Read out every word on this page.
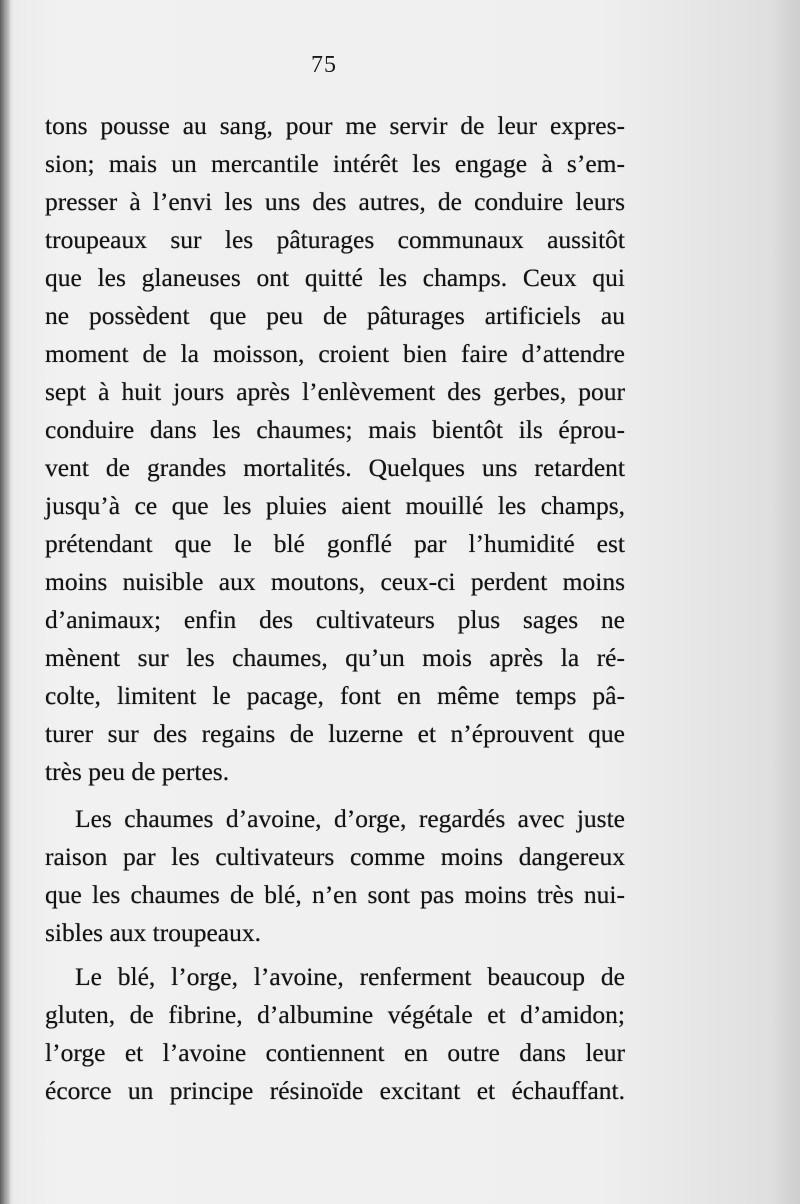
75
tons pousse au sang, pour me servir de leur expres-
sion; mais un mercantile intérêt les engage à s’em-
presser à l’envi les uns des autres, de conduire leurs
troupeaux sur les pâturages communaux aussitôt
que les glaneuses ont quitté les champs. Ceux qui
ne possèdent que peu de pâturages artificiels au
moment de la moisson, croient bien faire d’attendre
sept à huit jours après l’enlèvement des gerbes, pour
conduire dans les chaumes; mais bientôt ils éprou-
vent de grandes mortalités. Quelques uns retardent
jusqu’à ce que les pluies aient mouillé les champs,
prétendant que le blé gonflé par l’humidité est
moins nuisible aux moutons, ceux-ci perdent moins
d’animaux; enfin des cultivateurs plus sages ne
mènent sur les chaumes, qu’un mois après la ré-
colte, limitent le pacage, font en même temps pâ-
turer sur des regains de luzerne et n’éprouvent que
très peu de pertes.
Les chaumes d’avoine, d’orge, regardés avec juste
raison par les cultivateurs comme moins dangereux
que les chaumes de blé, n’en sont pas moins très nui-
sibles aux troupeaux.
Le blé, l’orge, l’avoine, renferment beaucoup de
gluten, de fibrine, d’albumine végétale et d’amidon;
l’orge et l’avoine contiennent en outre dans leur
écorce un principe résinoïde excitant et échauffant.
